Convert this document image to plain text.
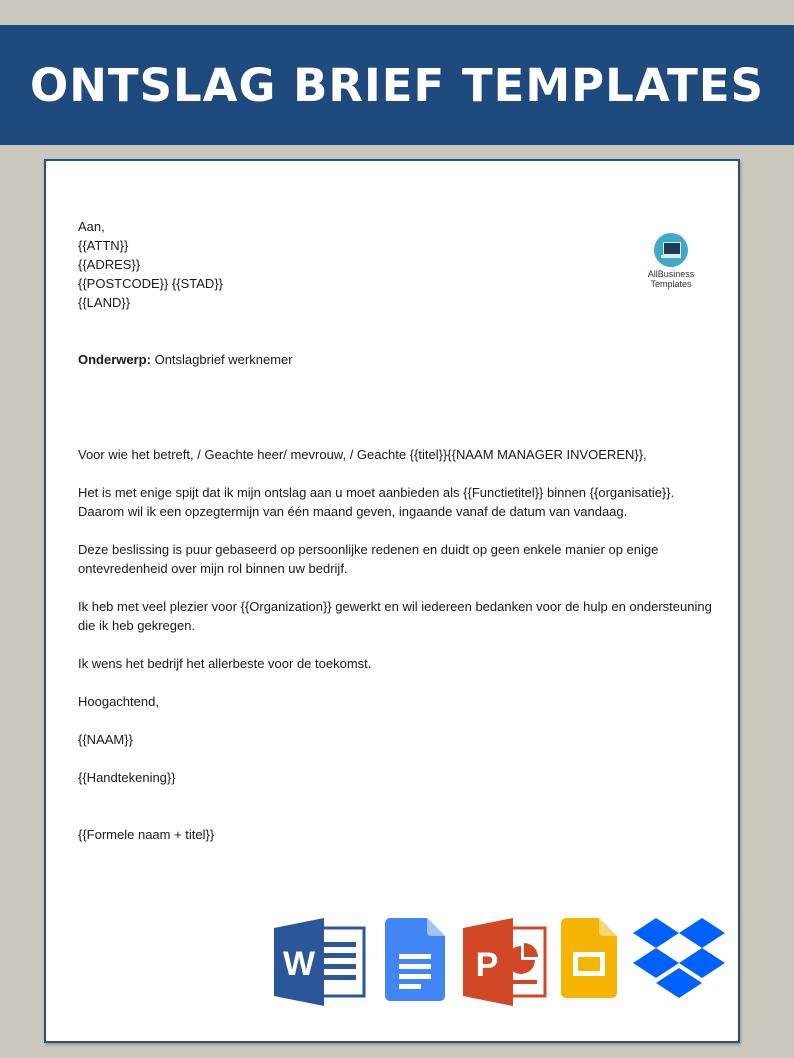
ONTSLAG BRIEF TEMPLATES
AllBusiness
Templates

Aan,

{{ATTN}}

{{ADRES}}

{{POSTCODE}} {{STAD}}

{{LAND}}

Onderwerp: Ontslagbrief werknemer

Voor wie het betreft, / Geachte heer/ mevrouw, / Geachte {{titel}}{{NAAM MANAGER INVOEREN}},

Het is met enige spijt dat ik mijn ontslag aan u moet aanbieden als {{Functietitel}} binnen {{organisatie}}.

Daarom wil ik een opzegtermijn van één maand geven, ingaande vanaf de datum van vandaag.

Deze beslissing is puur gebaseerd op persoonlijke redenen en duidt op geen enkele manier op enige

ontevredenheid over mijn rol binnen uw bedrijf.

Ik heb met veel plezier voor {{Organization}} gewerkt en wil iedereen bedanken voor de hulp en ondersteuning

die ik heb gekregen.

Ik wens het bedrijf het allerbeste voor de toekomst.

Hoogachtend,

{{NAAM}}

{{Handtekening}}

{{Formele naam + titel}}

W	P
